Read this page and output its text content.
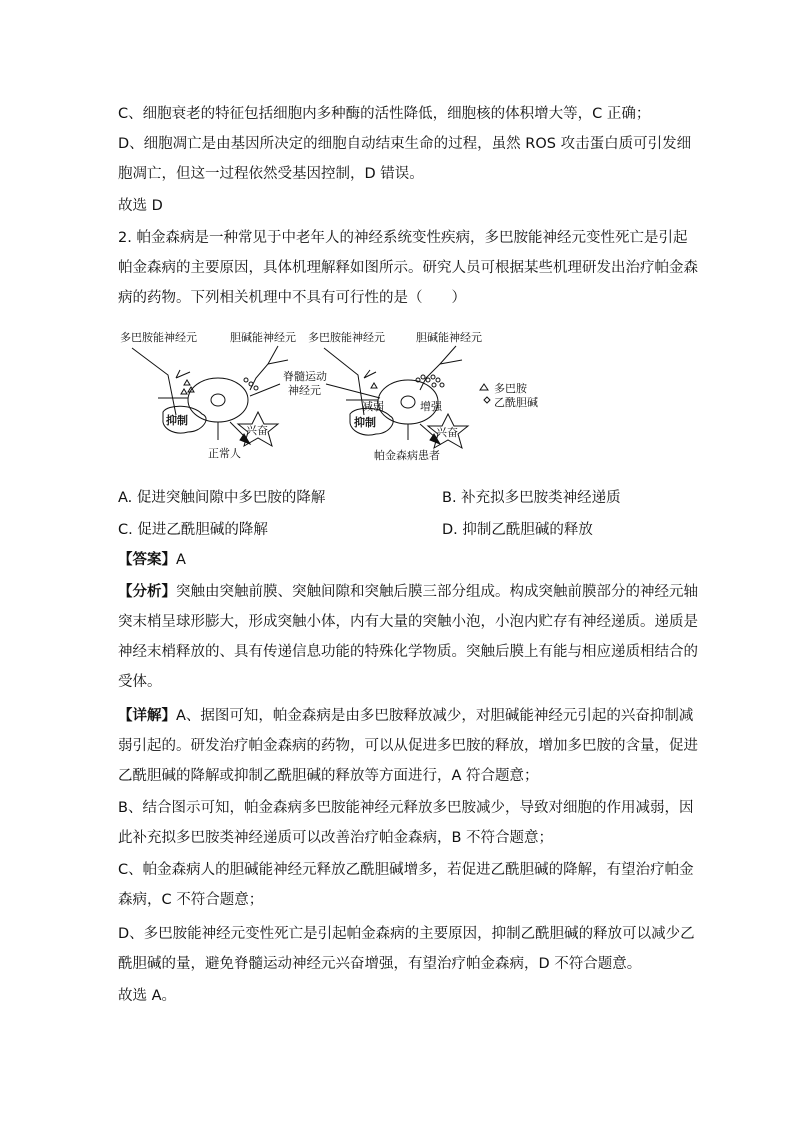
C、细胞衰老的特征包括细胞内多种酶的活性降低，细胞核的体积增大等，C 正确；
D、细胞凋亡是由基因所决定的细胞自动结束生命的过程，虽然 ROS 攻击蛋白质可引发细
胞凋亡，但这一过程依然受基因控制，D 错误。
故选 D
2. 帕金森病是一种常见于中老年人的神经系统变性疾病，多巴胺能神经元变性死亡是引起
帕金森病的主要原因，具体机理解释如图所示。研究人员可根据某些机理研发出治疗帕金森
病的药物。下列相关机理中不具有可行性的是（　　）
多巴胺能神经元	胆碱能神经元 多巴胺能神经元	胆碱能神经元
抑制
兴奋
正常人
脊髓运动
神经元
减弱	增强
抑制
兴奋
帕金森病患者
多巴胺
乙酰胆碱
A. 促进突触间隙中多巴胺的降解	B. 补充拟多巴胺类神经递质
C. 促进乙酰胆碱的降解	D. 抑制乙酰胆碱的释放
【答案】A
【分析】突触由突触前膜、突触间隙和突触后膜三部分组成。构成突触前膜部分的神经元轴
突末梢呈球形膨大，形成突触小体，内有大量的突触小泡，小泡内贮存有神经递质。递质是
神经末梢释放的、具有传递信息功能的特殊化学物质。突触后膜上有能与相应递质相结合的
受体。
【详解】A、据图可知，帕金森病是由多巴胺释放减少，对胆碱能神经元引起的兴奋抑制减
弱引起的。研发治疗帕金森病的药物，可以从促进多巴胺的释放，增加多巴胺的含量，促进
乙酰胆碱的降解或抑制乙酰胆碱的释放等方面进行，A 符合题意；
B、结合图示可知，帕金森病多巴胺能神经元释放多巴胺减少，导致对细胞的作用减弱，因
此补充拟多巴胺类神经递质可以改善治疗帕金森病，B 不符合题意；
C、帕金森病人的胆碱能神经元释放乙酰胆碱增多，若促进乙酰胆碱的降解，有望治疗帕金
森病，C 不符合题意；
D、多巴胺能神经元变性死亡是引起帕金森病的主要原因，抑制乙酰胆碱的释放可以减少乙
酰胆碱的量，避免脊髓运动神经元兴奋增强，有望治疗帕金森病，D 不符合题意。
故选 A。
